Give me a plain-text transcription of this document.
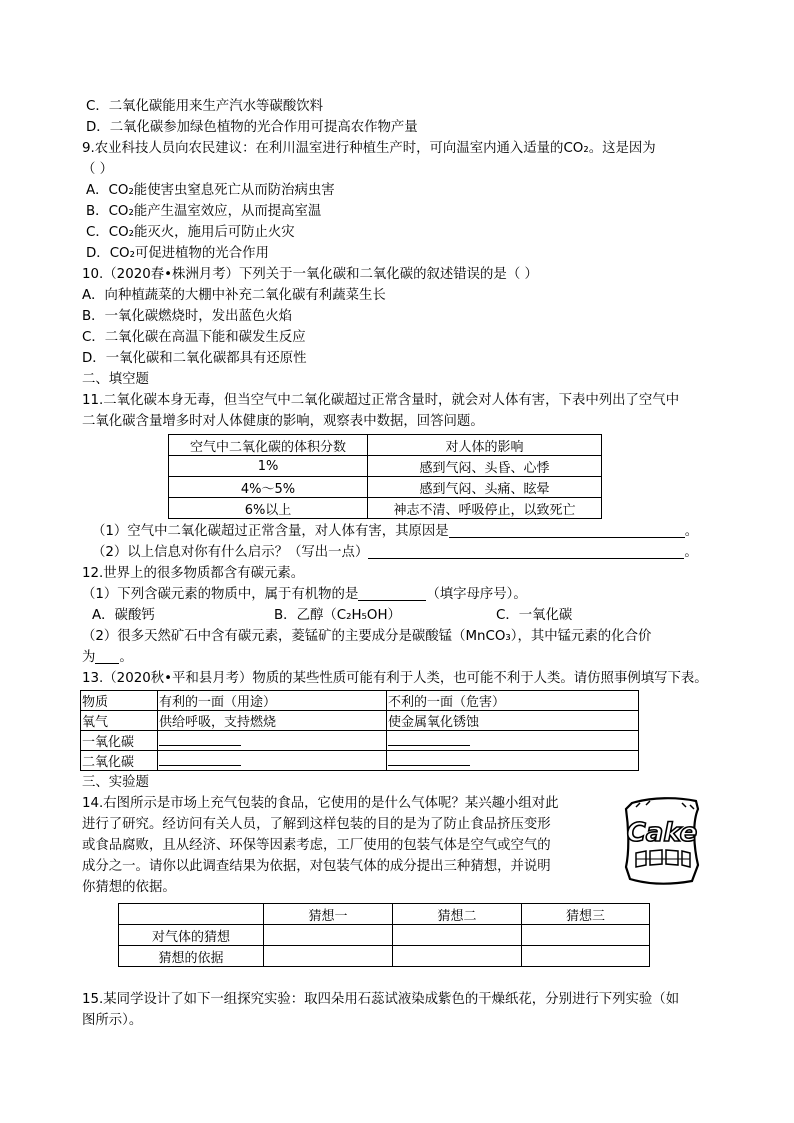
C．二氧化碳能用来生产汽水等碳酸饮料
D．二氧化碳参加绿色植物的光合作用可提高农作物产量
9.农业科技人员向农民建议：在利川温室进行种植生产时，可向温室内通入适量的CO₂。这是因为
（ ）
A．CO₂能使害虫窒息死亡从而防治病虫害
B．CO₂能产生温室效应，从而提高室温
C．CO₂能灭火，施用后可防止火灾
D．CO₂可促进植物的光合作用
10.（2020春•株洲月考）下列关于一氧化碳和二氧化碳的叙述错误的是（ ）
A．向种植蔬菜的大棚中补充二氧化碳有利蔬菜生长
B．一氧化碳燃烧时，发出蓝色火焰
C．二氧化碳在高温下能和碳发生反应
D．一氧化碳和二氧化碳都具有还原性
二、填空题
11.二氧化碳本身无毒，但当空气中二氧化碳超过正常含量时，就会对人体有害，下表中列出了空气中
二氧化碳含量增多时对人体健康的影响，观察表中数据，回答问题。
空气中二氧化碳的体积分数	对人体的影响
1%	感到气闷、头昏、心悸
4%～5%	感到气闷、头痛、眩晕
6%以上	神志不清、呼吸停止，以致死亡
（1）空气中二氧化碳超过正常含量，对人体有害，其原因是	。
（2）以上信息对你有什么启示？（写出一点）	。
12.世界上的很多物质都含有碳元素。
（1）下列含碳元素的物质中，属于有机物的是	（填字母序号）。
A．碳酸钙	B．乙醇（C₂H₅OH）	C．一氧化碳
（2）很多天然矿石中含有碳元素，菱锰矿的主要成分是碳酸锰（MnCO₃），其中锰元素的化合价
为 。
13.（2020秋•平和县月考）物质的某些性质可能有利于人类，也可能不利于人类。请仿照事例填写下表。
物质	有利的一面（用途）	不利的一面（危害）
氧气	供给呼吸，支持燃烧	使金属氧化锈蚀
一氧化碳		
二氧化碳		
三、实验题
14.右图所示是市场上充气包装的食品，它使用的是什么气体呢？某兴趣小组对此
进行了研究。经访问有关人员，了解到这样包装的目的是为了防止食品挤压变形
或食品腐败，且从经济、环保等因素考虑，工厂使用的包装气体是空气或空气的
成分之一。请你以此调查结果为依据，对包装气体的成分提出三种猜想，并说明
你猜想的依据。
Cake
	猜想一	猜想二	猜想三
对气体的猜想			
猜想的依据			
15.某同学设计了如下一组探究实验：取四朵用石蕊试液染成紫色的干燥纸花，分别进行下列实验（如
图所示）。
